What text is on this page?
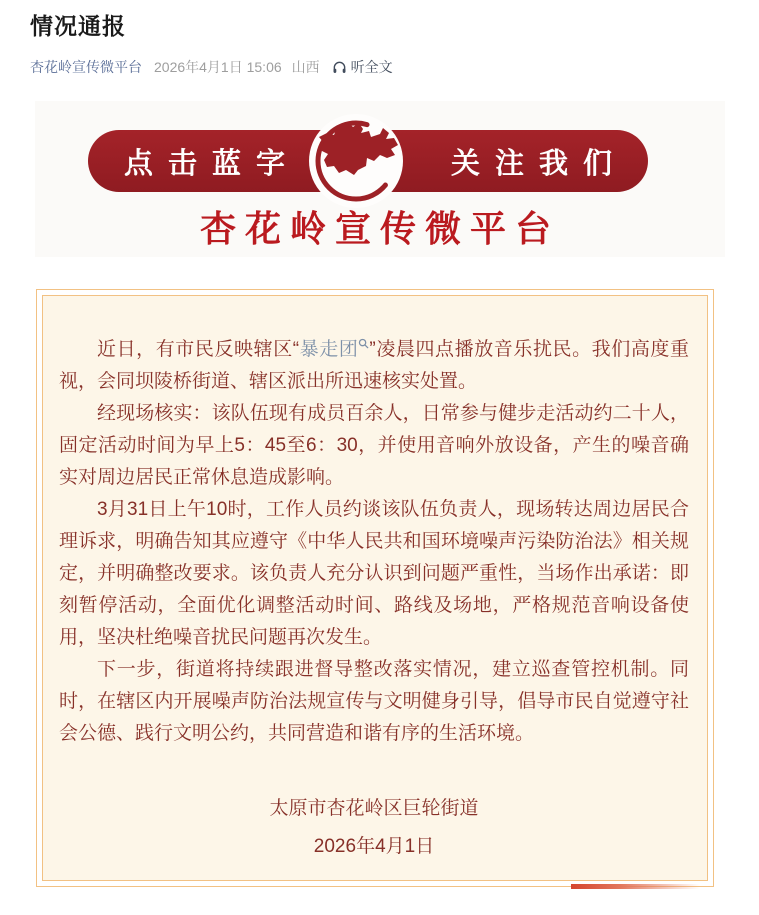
情况通报
杏花岭宣传微平台 2026年4月1日 15:06 山西 听全文
点击蓝字	关注我们
杏花岭宣传微平台

近日，有市民反映辖区“暴走团 ”凌晨四点播放音乐扰民。我们高度重视，会同坝陵桥街道、辖区派出所迅速核实处置。

经现场核实：该队伍现有成员百余人，日常参与健步走活动约二十人，固定活动时间为早上5：45至6：30，并使用音响外放设备，产生的噪音确实对周边居民正常休息造成影响。

3月31日上午10时，工作人员约谈该队伍负责人，现场转达周边居民合理诉求，明确告知其应遵守《中华人民共和国环境噪声污染防治法》相关规定，并明确整改要求。该负责人充分认识到问题严重性，当场作出承诺：即刻暂停活动，全面优化调整活动时间、路线及场地，严格规范音响设备使用，坚决杜绝噪音扰民问题再次发生。

下一步，街道将持续跟进督导整改落实情况，建立巡查管控机制。同时，在辖区内开展噪声防治法规宣传与文明健身引导，倡导市民自觉遵守社会公德、践行文明公约，共同营造和谐有序的生活环境。

太原市杏花岭区巨轮街道
2026年4月1日
